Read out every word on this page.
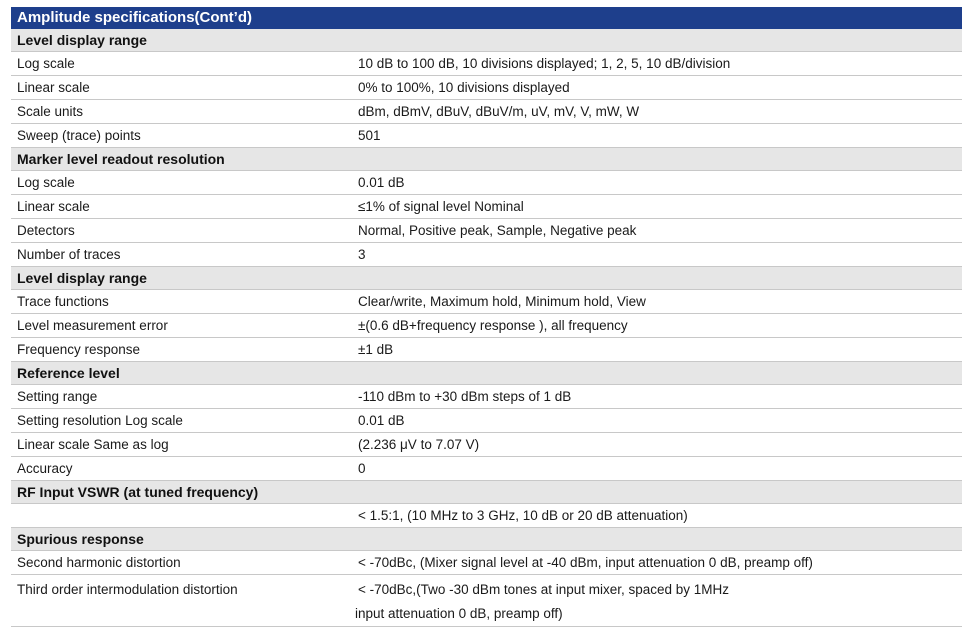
Amplitude specifications(Cont’d)
Level display range	
Log scale	10 dB to 100 dB, 10 divisions displayed; 1, 2, 5, 10 dB/division
Linear scale	0% to 100%, 10 divisions displayed
Scale units	dBm, dBmV, dBuV, dBuV/m, uV, mV, V, mW, W
Sweep (trace) points	501
Marker level readout resolution	
Log scale	0.01 dB
Linear scale	≤1% of signal level Nominal
Detectors	Normal, Positive peak, Sample, Negative peak
Number of traces	3
Level display range	
Trace functions	Clear/write, Maximum hold, Minimum hold, View
Level measurement error	±(0.6 dB+frequency response ), all frequency
Frequency response	±1 dB
Reference level	
Setting range	-110 dBm to +30 dBm steps of 1 dB
Setting resolution Log scale	0.01 dB
Linear scale Same as log	(2.236 μV to 7.07 V)
Accuracy	0
RF Input VSWR (at tuned frequency)	
	< 1.5:1, (10 MHz to 3 GHz, 10 dB or 20 dB attenuation)
Spurious response	
Second harmonic distortion	< -70dBc, (Mixer signal level at -40 dBm, input attenuation 0 dB, preamp off)
Third order intermodulation distortion	< -70dBc,(Two -30 dBm tones at input mixer, spaced by 1MHz
input attenuation 0 dB, preamp off)
